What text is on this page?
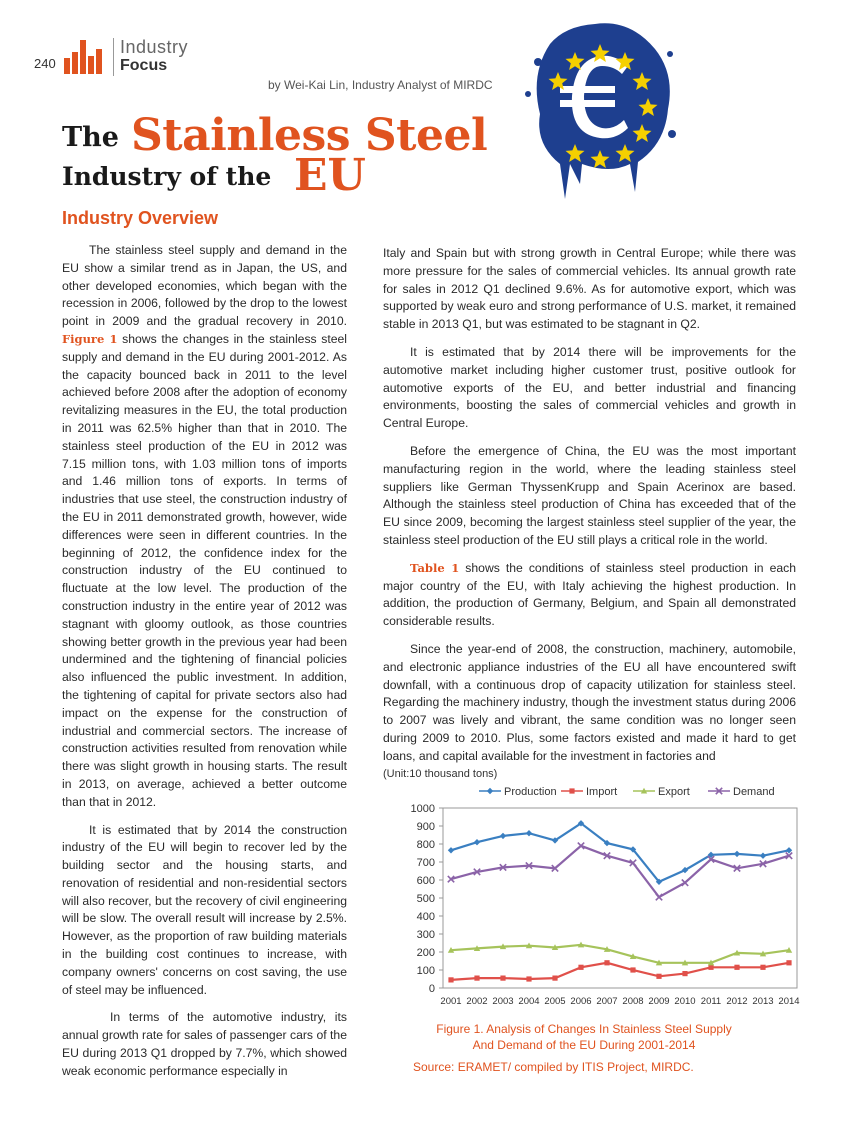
240
Industry
Focus
by Wei-Kai Lin, Industry Analyst of MIRDC
The Stainless Steel
Industry of the EU
Industry Overview

The stainless steel supply and demand in the EU show a similar trend as in Japan, the US, and other developed economies, which began with the recession in 2006, followed by the drop to the lowest point in 2009 and the gradual recovery in 2010. Figure 1 shows the changes in the stainless steel supply and demand in the EU during 2001-2012. As the capacity bounced back in 2011 to the level achieved before 2008 after the adoption of economy revitalizing measures in the EU, the total production in 2011 was 62.5% higher than that in 2010. The stainless steel production of the EU in 2012 was 7.15 million tons, with 1.03 million tons of imports and 1.46 million tons of exports. In terms of industries that use steel, the construction industry of the EU in 2011 demonstrated growth, however, wide differences were seen in different countries. In the beginning of 2012, the confidence index for the construction industry of the EU continued to fluctuate at the low level. The production of the construction industry in the entire year of 2012 was stagnant with gloomy outlook, as those countries showing better growth in the previous year had been undermined and the tightening of financial policies also influenced the public investment. In addition, the tightening of capital for private sectors also had impact on the expense for the construction of industrial and commercial sectors. The increase of construction activities resulted from renovation while there was slight growth in housing starts. The result in 2013, on average, achieved a better outcome than that in 2012.

It is estimated that by 2014 the construction industry of the EU will begin to recover led by the building sector and the housing starts, and renovation of residential and non-residential sectors will also recover, but the recovery of civil engineering will be slow. The overall result will increase by 2.5%. However, as the proportion of raw building materials in the building cost continues to increase, with company owners' concerns on cost saving, the use of steel may be influenced.

In terms of the automotive industry, its annual growth rate for sales of passenger cars of the EU during 2013 Q1 dropped by 7.7%, which showed weak economic performance especially in

Italy and Spain but with strong growth in Central Europe; while there was more pressure for the sales of commercial vehicles. Its annual growth rate for sales in 2012 Q1 declined 9.6%. As for automotive export, which was supported by weak euro and strong performance of U.S. market, it remained stable in 2013 Q1, but was estimated to be stagnant in Q2.

It is estimated that by 2014 there will be improvements for the automotive market including higher customer trust, positive outlook for automotive exports of the EU, and better industrial and financing environments, boosting the sales of commercial vehicles and growth in Central Europe.

Before the emergence of China, the EU was the most important manufacturing region in the world, where the leading stainless steel suppliers like German ThyssenKrupp and Spain Acerinox are based. Although the stainless steel production of China has exceeded that of the EU since 2009, becoming the largest stainless steel supplier of the year, the stainless steel production of the EU still plays a critical role in the world.

Table 1 shows the conditions of stainless steel production in each major country of the EU, with Italy achieving the highest production. In addition, the production of Germany, Belgium, and Spain all demonstrated considerable results.

Since the year-end of 2008, the construction, machinery, automobile, and electronic appliance industries of the EU all have encountered swift downfall, with a continuous drop of capacity utilization for stainless steel. Regarding the machinery industry, though the investment status during 2006 to 2007 was lively and vibrant, the same condition was no longer seen during 2009 to 2010. Plus, some factors existed and made it hard to get loans, and capital available for the investment in factories and

(Unit:10 thousand tons)
0
100
200
300
400
500
600
700
800
900
1000
2001 2002 2003 2004 2005 2006 2007 2008 2009 2010 2011 2012 2013 2014
Production	Import	Export	Demand
Figure 1. Analysis of Changes In Stainless Steel Supply
And Demand of the EU During 2001-2014
Source: ERAMET/ compiled by ITIS Project, MIRDC.
